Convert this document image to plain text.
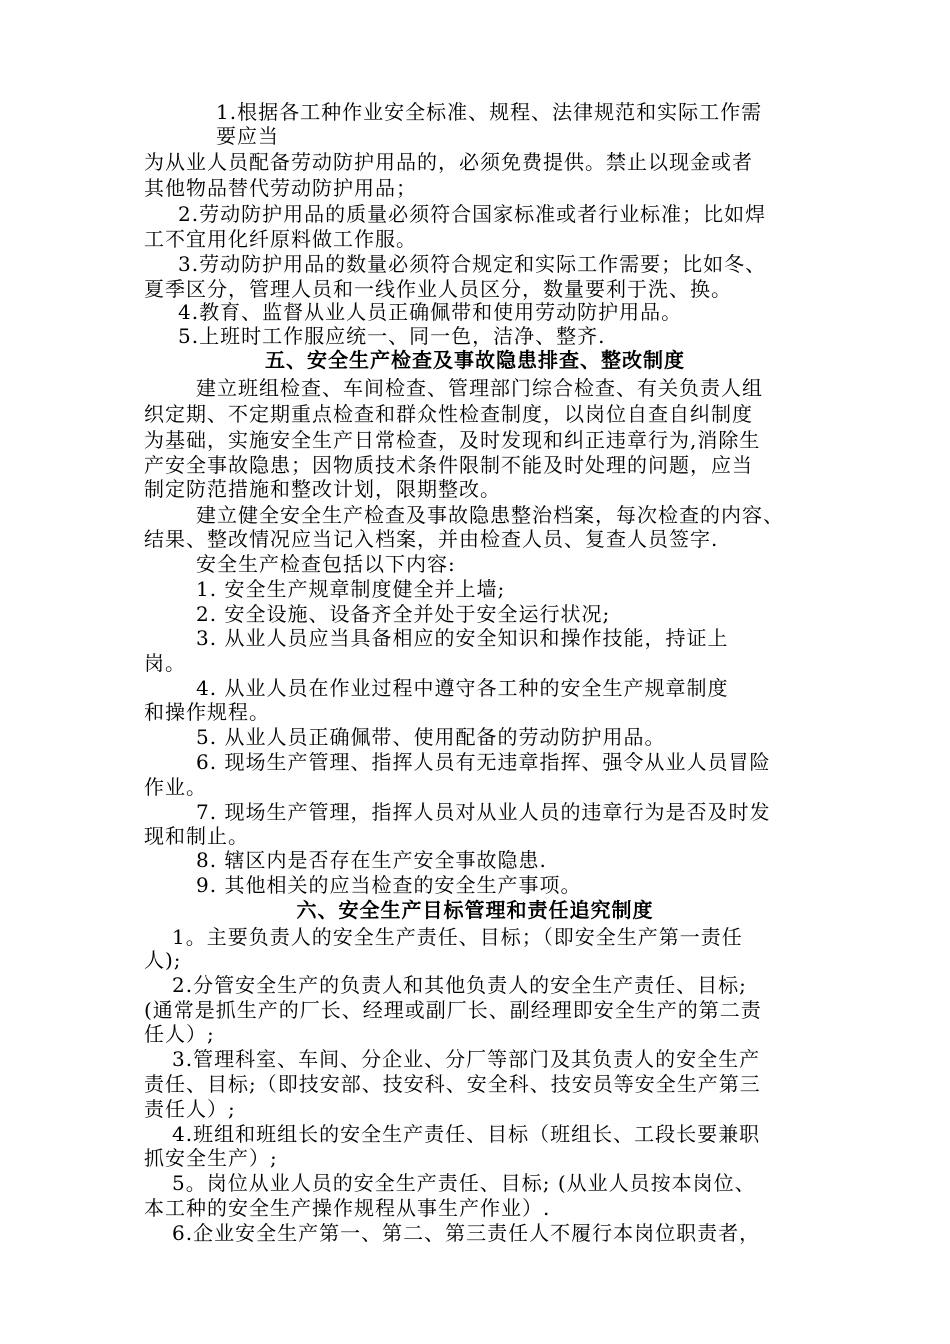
1.根据各工种作业安全标准、规程、法律规范和实际工作需
要应当
为从业人员配备劳动防护用品的，必须免费提供。禁止以现金或者
其他物品替代劳动防护用品；
2.劳动防护用品的质量必须符合国家标准或者行业标准；比如焊
工不宜用化纤原料做工作服。
3.劳动防护用品的数量必须符合规定和实际工作需要；比如冬、
夏季区分，管理人员和一线作业人员区分，数量要利于洗、换。
4.教育、监督从业人员正确佩带和使用劳动防护用品。
5.上班时工作服应统一、同一色，洁净、整齐.
五、安全生产检查及事故隐患排查、整改制度
建立班组检查、车间检查、管理部门综合检查、有关负责人组
织定期、不定期重点检查和群众性检查制度，以岗位自查自纠制度
为基础，实施安全生产日常检查，及时发现和纠正违章行为,消除生
产安全事故隐患；因物质技术条件限制不能及时处理的问题，应当
制定防范措施和整改计划，限期整改。
建立健全安全生产检查及事故隐患整治档案，每次检查的内容、
结果、整改情况应当记入档案，并由检查人员、复查人员签字.
安全生产检查包括以下内容:
1. 安全生产规章制度健全并上墙;
2. 安全设施、设备齐全并处于安全运行状况;
3. 从业人员应当具备相应的安全知识和操作技能，持证上
岗。
4. 从业人员在作业过程中遵守各工种的安全生产规章制度
和操作规程。
5. 从业人员正确佩带、使用配备的劳动防护用品。
6. 现场生产管理、指挥人员有无违章指挥、强令从业人员冒险
作业。
7. 现场生产管理，指挥人员对从业人员的违章行为是否及时发
现和制止。
8. 辖区内是否存在生产安全事故隐患.
9. 其他相关的应当检查的安全生产事项。
六、安全生产目标管理和责任追究制度
1。主要负责人的安全生产责任、目标；（即安全生产第一责任
人);
2.分管安全生产的负责人和其他负责人的安全生产责任、目标;
(通常是抓生产的厂长、经理或副厂长、副经理即安全生产的第二责
任人）;
3.管理科室、车间、分企业、分厂等部门及其负责人的安全生产
责任、目标;（即技安部、技安科、安全科、技安员等安全生产第三
责任人）;
4.班组和班组长的安全生产责任、目标（班组长、工段长要兼职
抓安全生产）;
5。岗位从业人员的安全生产责任、目标; (从业人员按本岗位、
本工种的安全生产操作规程从事生产作业）.
6.企业安全生产第一、第二、第三责任人不履行本岗位职责者，
